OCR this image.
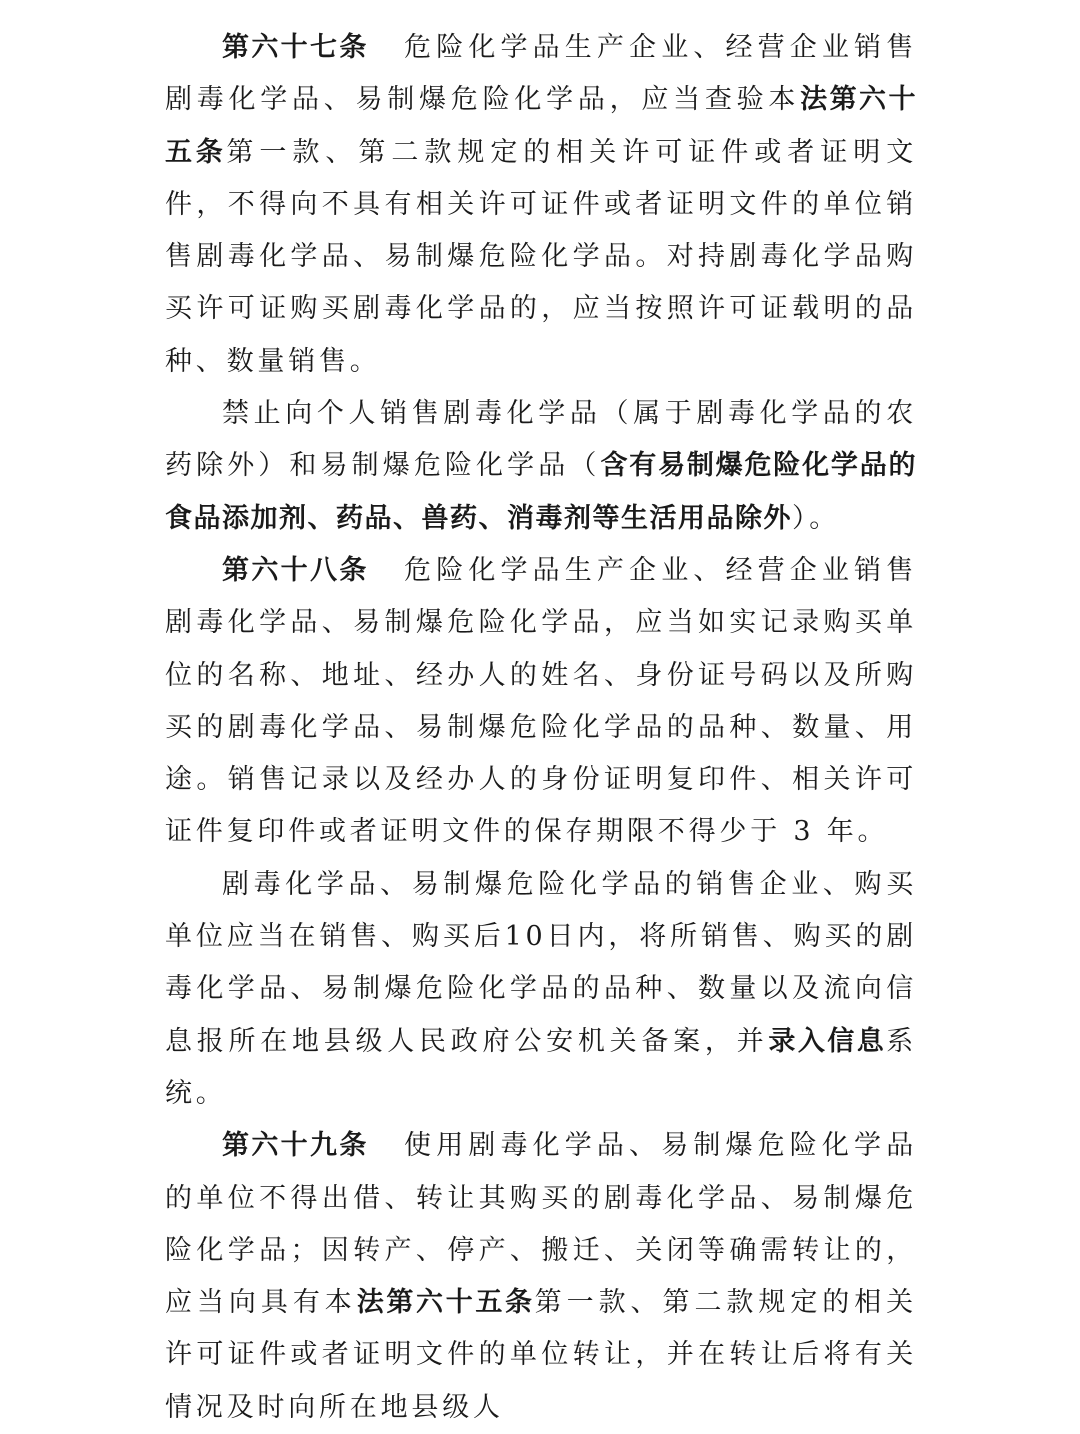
第六十七条 危险化学品生产企业、经营企业销售剧毒化学品、易制爆危险化学品，应当查验本法第六十五条第一款、第二款规定的相关许可证件或者证明文件，不得向不具有相关许可证件或者证明文件的单位销售剧毒化学品、易制爆危险化学品。对持剧毒化学品购买许可证购买剧毒化学品的，应当按照许可证载明的品种、数量销售。

禁止向个人销售剧毒化学品（属于剧毒化学品的农药除外）和易制爆危险化学品（含有易制爆危险化学品的食品添加剂、药品、兽药、消毒剂等生活用品除外）。

第六十八条 危险化学品生产企业、经营企业销售剧毒化学品、易制爆危险化学品，应当如实记录购买单位的名称、地址、经办人的姓名、身份证号码以及所购买的剧毒化学品、易制爆危险化学品的品种、数量、用途。销售记录以及经办人的身份证明复印件、相关许可证件复印件或者证明文件的保存期限不得少于 3 年。

剧毒化学品、易制爆危险化学品的销售企业、购买单位应当在销售、购买后10日内，将所销售、购买的剧毒化学品、易制爆危险化学品的品种、数量以及流向信息报所在地县级人民政府公安机关备案，并录入信息系统。

第六十九条 使用剧毒化学品、易制爆危险化学品的单位不得出借、转让其购买的剧毒化学品、易制爆危险化学品；因转产、停产、搬迁、关闭等确需转让的，应当向具有本法第六十五条第一款、第二款规定的相关许可证件或者证明文件的单位转让，并在转让后将有关情况及时向所在地县级人
